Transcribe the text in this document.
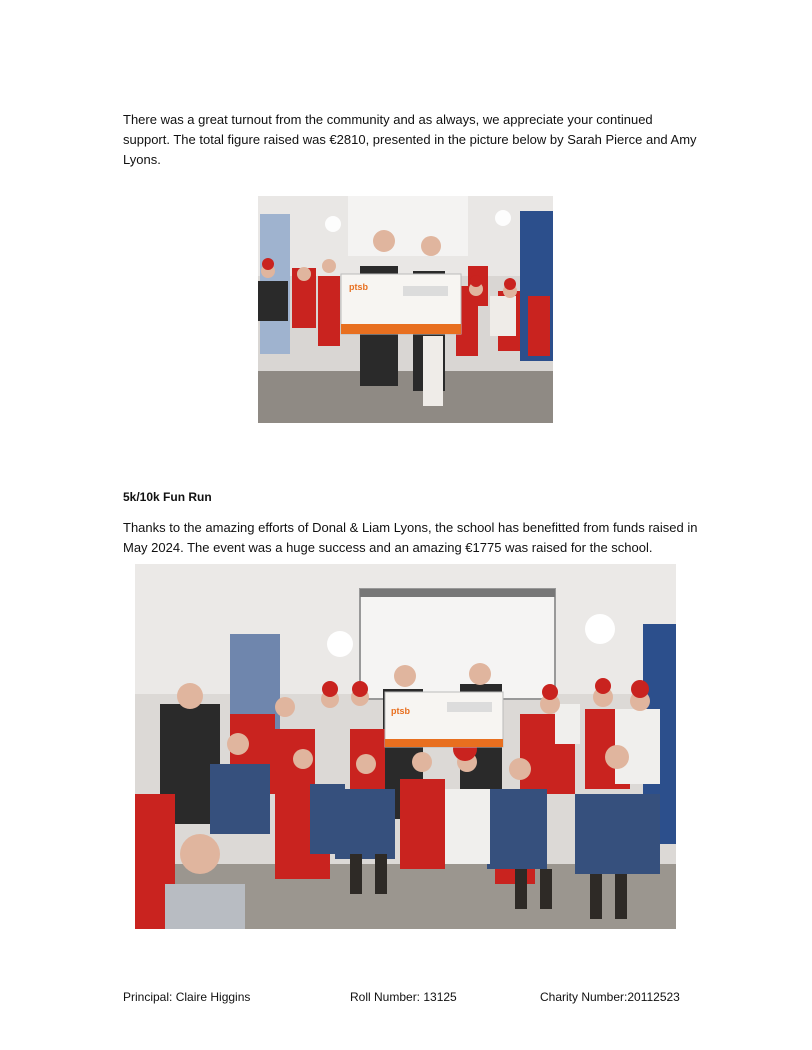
There was a great turnout from the community and as always, we appreciate your continued support. The total figure raised was €2810, presented in the picture below by Sarah Pierce and Amy Lyons.

ptsb
5k/10k Fun Run

Thanks to the amazing efforts of Donal & Liam Lyons, the school has benefitted from funds raised in May 2024. The event was a huge success and an amazing €1775 was raised for the school.

ptsb

Principal: Claire Higgins	Roll Number: 13125	Charity Number:20112523
